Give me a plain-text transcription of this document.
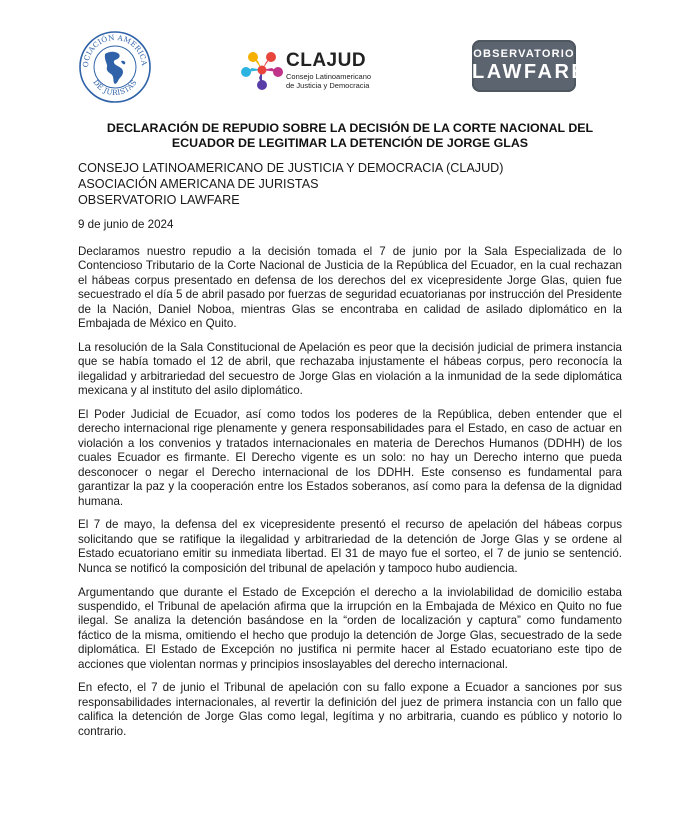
OCIACIÓN AMERICA
DE JURISTAS
CLAJUD
Consejo Latinoamericano
de Justicia y Democracia
OBSERVATORIO
LAWFARE
DECLARACIÓN DE REPUDIO SOBRE LA DECISIÓN DE LA CORTE NACIONAL DEL
ECUADOR DE LEGITIMAR LA DETENCIÓN DE JORGE GLAS
CONSEJO LATINOAMERICANO DE JUSTICIA Y DEMOCRACIA (CLAJUD)
ASOCIACIÓN AMERICANA DE JURISTAS
OBSERVATORIO LAWFARE
9 de junio de 2024

Declaramos nuestro repudio a la decisión tomada el 7 de junio por la Sala Especializada de lo Contencioso Tributario de la Corte Nacional de Justicia de la República del Ecuador, en la cual rechazan el hábeas corpus presentado en defensa de los derechos del ex vicepresidente Jorge Glas, quien fue secuestrado el día 5 de abril pasado por fuerzas de seguridad ecuatorianas por instrucción del Presidente de la Nación, Daniel Noboa, mientras Glas se encontraba en calidad de asilado diplomático en la Embajada de México en Quito.

La resolución de la Sala Constitucional de Apelación es peor que la decisión judicial de primera instancia que se había tomado el 12 de abril, que rechazaba injustamente el hábeas corpus, pero reconocía la ilegalidad y arbitrariedad del secuestro de Jorge Glas en violación a la inmunidad de la sede diplomática mexicana y al instituto del asilo diplomático.

El Poder Judicial de Ecuador, así como todos los poderes de la República, deben entender que el derecho internacional rige plenamente y genera responsabilidades para el Estado, en caso de actuar en violación a los convenios y tratados internacionales en materia de Derechos Humanos (DDHH) de los cuales Ecuador es firmante. El Derecho vigente es un solo: no hay un Derecho interno que pueda desconocer o negar el Derecho internacional de los DDHH. Este consenso es fundamental para garantizar la paz y la cooperación entre los Estados soberanos, así como para la defensa de la dignidad humana.

El 7 de mayo, la defensa del ex vicepresidente presentó el recurso de apelación del hábeas corpus solicitando que se ratifique la ilegalidad y arbitrariedad de la detención de Jorge Glas y se ordene al Estado ecuatoriano emitir su inmediata libertad. El 31 de mayo fue el sorteo, el 7 de junio se sentenció. Nunca se notificó la composición del tribunal de apelación y tampoco hubo audiencia.

Argumentando que durante el Estado de Excepción el derecho a la inviolabilidad de domicilio estaba suspendido, el Tribunal de apelación afirma que la irrupción en la Embajada de México en Quito no fue ilegal. Se analiza la detención basándose en la “orden de localización y captura” como fundamento fáctico de la misma, omitiendo el hecho que produjo la detención de Jorge Glas, secuestrado de la sede diplomática. El Estado de Excepción no justifica ni permite hacer al Estado ecuatoriano este tipo de acciones que violentan normas y principios insoslayables del derecho internacional.

En efecto, el 7 de junio el Tribunal de apelación con su fallo expone a Ecuador a sanciones por sus responsabilidades internacionales, al revertir la definición del juez de primera instancia con un fallo que califica la detención de Jorge Glas como legal, legítima y no arbitraria, cuando es público y notorio lo contrario.
